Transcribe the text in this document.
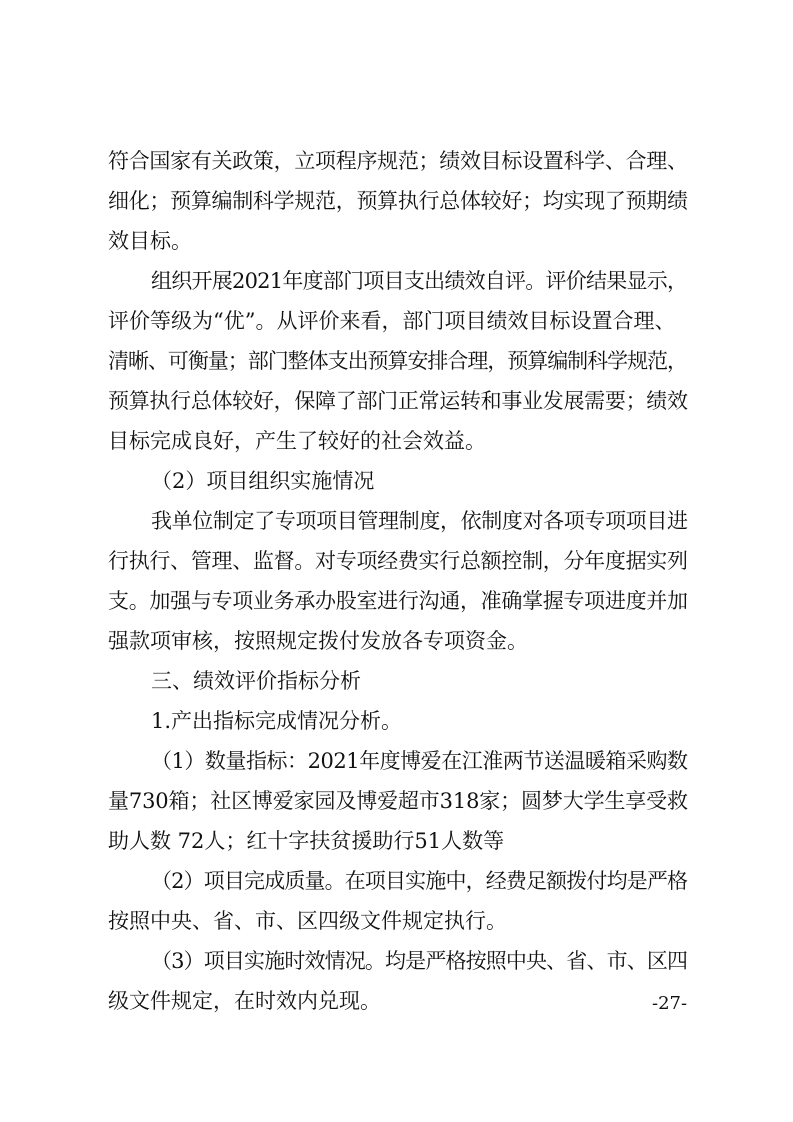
符合国家有关政策，立项程序规范；绩效目标设置科学、合理、
细化；预算编制科学规范，预算执行总体较好；均实现了预期绩
效目标。
组织开展2021年度部门项目支出绩效自评。评价结果显示，
评价等级为“优”。从评价来看，部门项目绩效目标设置合理、
清晰、可衡量；部门整体支出预算安排合理，预算编制科学规范，
预算执行总体较好，保障了部门正常运转和事业发展需要；绩效
目标完成良好，产生了较好的社会效益。
（2）项目组织实施情况
我单位制定了专项项目管理制度，依制度对各项专项项目进
行执行、管理、监督。对专项经费实行总额控制，分年度据实列
支。加强与专项业务承办股室进行沟通，准确掌握专项进度并加
强款项审核，按照规定拨付发放各专项资金。
三、绩效评价指标分析
1.产出指标完成情况分析。
（1）数量指标：2021年度博爱在江淮两节送温暖箱采购数
量730箱；社区博爱家园及博爱超市318家；圆梦大学生享受救
助人数 72人；红十字扶贫援助行51人数等
（2）项目完成质量。在项目实施中，经费足额拨付均是严格
按照中央、省、市、区四级文件规定执行。
（3）项目实施时效情况。均是严格按照中央、省、市、区四
级文件规定，在时效内兑现。	-27-
